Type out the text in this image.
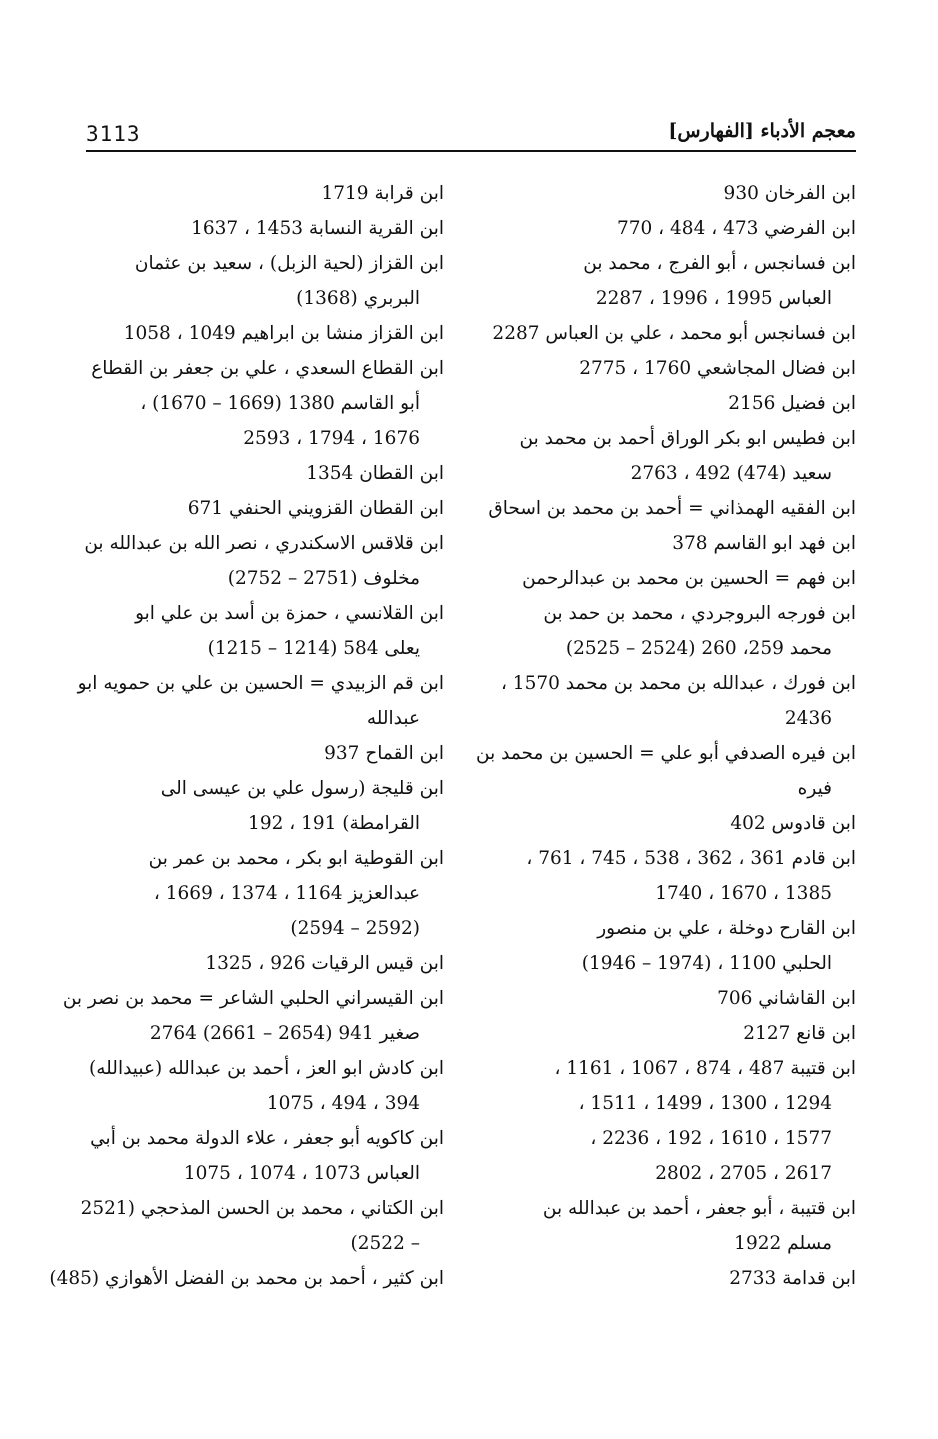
3113	معجم الأدباء [الفهارس]
ابن الفرخان 930
ابن الفرضي 473 ، 484 ، 770
ابن فسانجس ، أبو الفرج ، محمد بن
العباس 1995 ، 1996 ، 2287
ابن فسانجس أبو محمد ، علي بن العباس 2287
ابن فضال المجاشعي 1760 ، 2775
ابن فضيل 2156
ابن فطيس ابو بكر الوراق أحمد بن محمد بن
سعيد (474) 492 ، 2763
ابن الفقيه الهمذاني = أحمد بن محمد بن اسحاق
ابن فهد ابو القاسم 378
ابن فهم = الحسين بن محمد بن عبدالرحمن
ابن فورجه البروجردي ، محمد بن حمد بن
محمد 259، 260 (2524 – 2525)
ابن فورك ، عبدالله بن محمد بن محمد 1570 ،
2436
ابن فيره الصدفي أبو علي = الحسين بن محمد بن
فيره
ابن قادوس 402
ابن قادم 361 ، 362 ، 538 ، 745 ، 761 ،
1385 ، 1670 ، 1740
ابن القارح دوخلة ، علي بن منصور
الحلبي 1100 ، (1974 – 1946)
ابن القاشاني 706
ابن قانع 2127
ابن قتيبة 487 ، 874 ، 1067 ، 1161 ،
1294 ، 1300 ، 1499 ، 1511 ،
1577 ، 1610 ، 192 ، 2236 ،
2617 ، 2705 ، 2802
ابن قتيبة ، أبو جعفر ، أحمد بن عبدالله بن
مسلم 1922
ابن قدامة 2733
ابن قرابة 1719
ابن القرية النسابة 1453 ، 1637
ابن القزاز (لحية الزبل) ، سعيد بن عثمان
البربري (1368)
ابن القزاز منشا بن ابراهيم 1049 ، 1058
ابن القطاع السعدي ، علي بن جعفر بن القطاع
أبو القاسم 1380 (1669 – 1670) ،
1676 ، 1794 ، 2593
ابن القطان 1354
ابن القطان القزويني الحنفي 671
ابن قلاقس الاسكندري ، نصر الله بن عبدالله بن
مخلوف (2751 – 2752)
ابن القلانسي ، حمزة بن أسد بن علي ابو
يعلى 584 (1214 – 1215)
ابن قم الزبيدي = الحسين بن علي بن حمويه ابو
عبدالله
ابن القماح 937
ابن قليجة (رسول علي بن عيسى الى
القرامطة) 191 ، 192
ابن القوطية ابو بكر ، محمد بن عمر بن
عبدالعزيز 1164 ، 1374 ، 1669 ،
(2592 – 2594)
ابن قيس الرقيات 926 ، 1325
ابن القيسراني الحلبي الشاعر = محمد بن نصر بن
صغير 941 (2654 – 2661) 2764
ابن كادش ابو العز ، أحمد بن عبدالله (عبيدالله)
394 ، 494 ، 1075
ابن كاكويه أبو جعفر ، علاء الدولة محمد بن أبي
العباس 1073 ، 1074 ، 1075
ابن الكتاني ، محمد بن الحسن المذحجي (2521
– 2522)
ابن كثير ، أحمد بن محمد بن الفضل الأهوازي (485)
